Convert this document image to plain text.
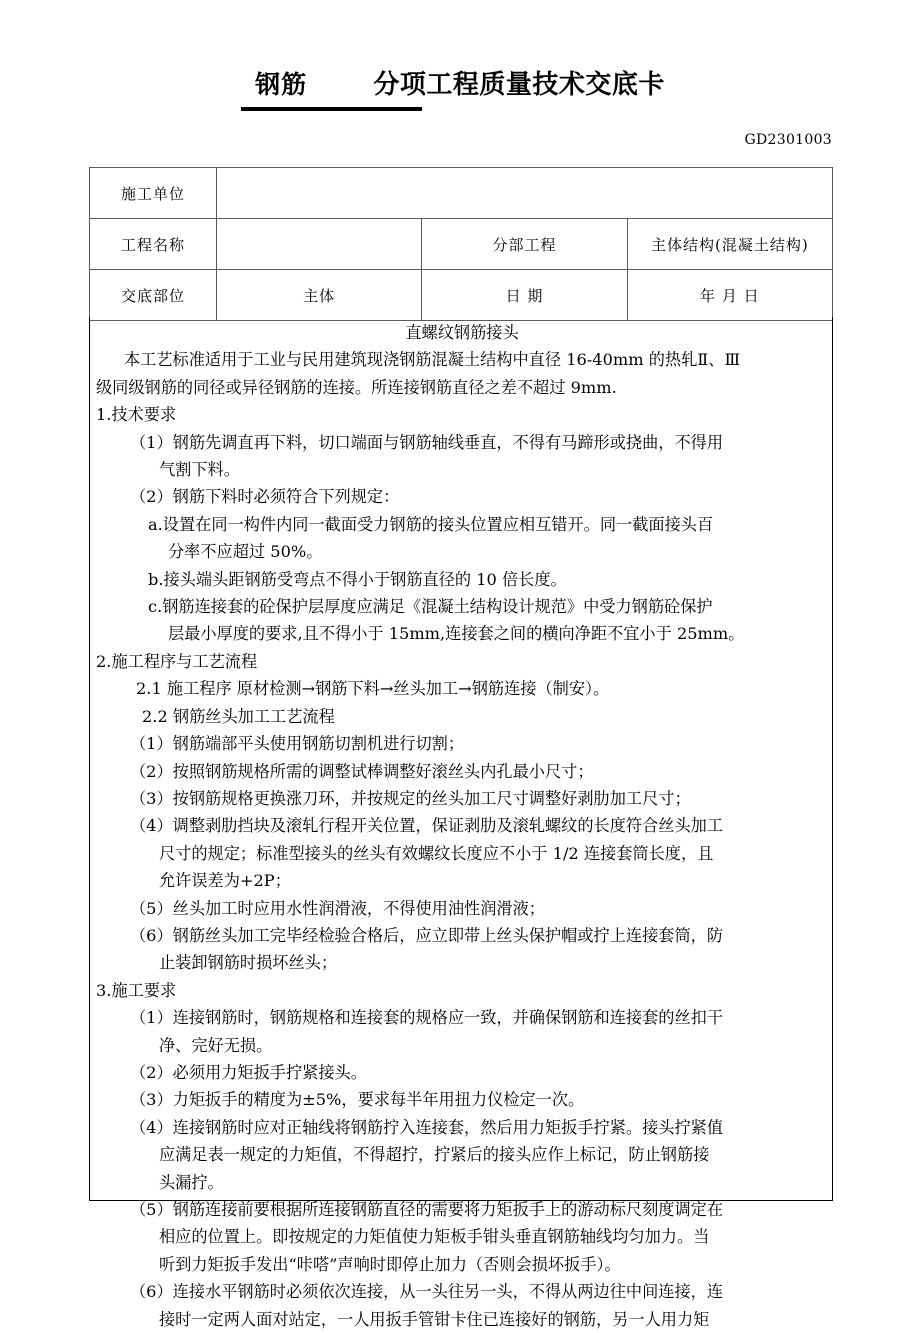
钢筋	分项工程质量技术交底卡
GD2301003
施工单位			
工程名称		分部工程	主体结构(混凝土结构)
交底部位	主体	日 期	年 月 日
直螺纹钢筋接头
本工艺标准适用于工业与民用建筑现浇钢筋混凝土结构中直径 16-40mm 的热轧Ⅱ、Ⅲ
级同级钢筋的同径或异径钢筋的连接。所连接钢筋直径之差不超过 9mm.
1.技术要求
（1）钢筋先调直再下料，切口端面与钢筋轴线垂直，不得有马蹄形或挠曲，不得用
气割下料。
（2）钢筋下料时必须符合下列规定：
a.设置在同一构件内同一截面受力钢筋的接头位置应相互错开。同一截面接头百
分率不应超过 50%。
b.接头端头距钢筋受弯点不得小于钢筋直径的 10 倍长度。
c.钢筋连接套的砼保护层厚度应满足《混凝土结构设计规范》中受力钢筋砼保护
层最小厚度的要求,且不得小于 15mm,连接套之间的横向净距不宜小于 25mm。
2.施工程序与工艺流程
2.1 施工程序 原材检测→钢筋下料→丝头加工→钢筋连接（制安）。
2.2 钢筋丝头加工工艺流程
（1）钢筋端部平头使用钢筋切割机进行切割；
（2）按照钢筋规格所需的调整试棒调整好滚丝头内孔最小尺寸；
（3）按钢筋规格更换涨刀环，并按规定的丝头加工尺寸调整好剥肋加工尺寸；
（4）调整剥肋挡块及滚轧行程开关位置，保证剥肋及滚轧螺纹的长度符合丝头加工
尺寸的规定；标准型接头的丝头有效螺纹长度应不小于 1/2 连接套筒长度，且
允许误差为+2P；
（5）丝头加工时应用水性润滑液，不得使用油性润滑液；
（6）钢筋丝头加工完毕经检验合格后，应立即带上丝头保护帽或拧上连接套筒，防
止装卸钢筋时损坏丝头；
3.施工要求
（1）连接钢筋时，钢筋规格和连接套的规格应一致，并确保钢筋和连接套的丝扣干
净、完好无损。
（2）必须用力矩扳手拧紧接头。
（3）力矩扳手的精度为±5%，要求每半年用扭力仪检定一次。
（4）连接钢筋时应对正轴线将钢筋拧入连接套，然后用力矩扳手拧紧。接头拧紧值
应满足表一规定的力矩值，不得超拧，拧紧后的接头应作上标记，防止钢筋接
头漏拧。
（5）钢筋连接前要根据所连接钢筋直径的需要将力矩扳手上的游动标尺刻度调定在
相应的位置上。即按规定的力矩值使力矩板手钳头垂直钢筋轴线均匀加力。当
听到力矩扳手发出“咔嗒”声响时即停止加力（否则会损坏扳手）。
（6）连接水平钢筋时必须依次连接，从一头往另一头，不得从两边往中间连接，连
接时一定两人面对站定，一人用扳手管钳卡住已连接好的钢筋，另一人用力矩
